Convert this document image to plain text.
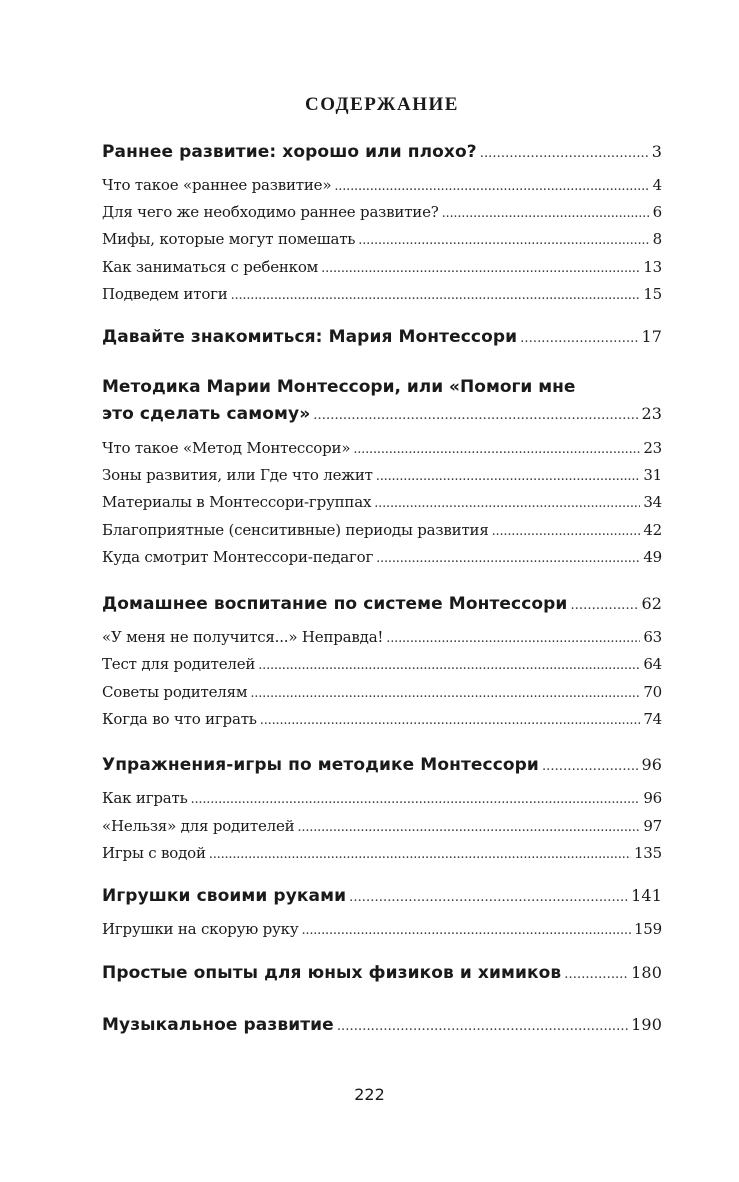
СОДЕРЖАНИЕ
Раннее развитие: хорошо или плохо? .....	3
Что такое «раннее развитие» .....	4
Для чего же необходимо раннее развитие? .....	6
Мифы, которые могут помешать .....	8
Как заниматься с ребенком .....	13
Подведем итоги .....	15
Давайте знакомиться: Мария Монтессори .....	17
Методика Марии Монтессори, или «Помоги мне
это сделать самому» .....	23
Что такое «Метод Монтессори» .....	23
Зоны развития, или Где что лежит .....	31
Материалы в Монтессори-группах .....	34
Благоприятные (сенситивные) периоды развития .....	42
Куда смотрит Монтессори-педагог .....	49
Домашнее воспитание по системе Монтессори .....	62
«У меня не получится...» Неправда! .....	63
Тест для родителей .....	64
Советы родителям .....	70
Когда во что играть .....	74
Упражнения-игры по методике Монтессори .....	96
Как играть .....	96
«Нельзя» для родителей .....	97
Игры с водой .....	135
Игрушки своими руками .....	141
Игрушки на скорую руку .....	159
Простые опыты для юных физиков и химиков .....	180
Музыкальное развитие .....	190
222
